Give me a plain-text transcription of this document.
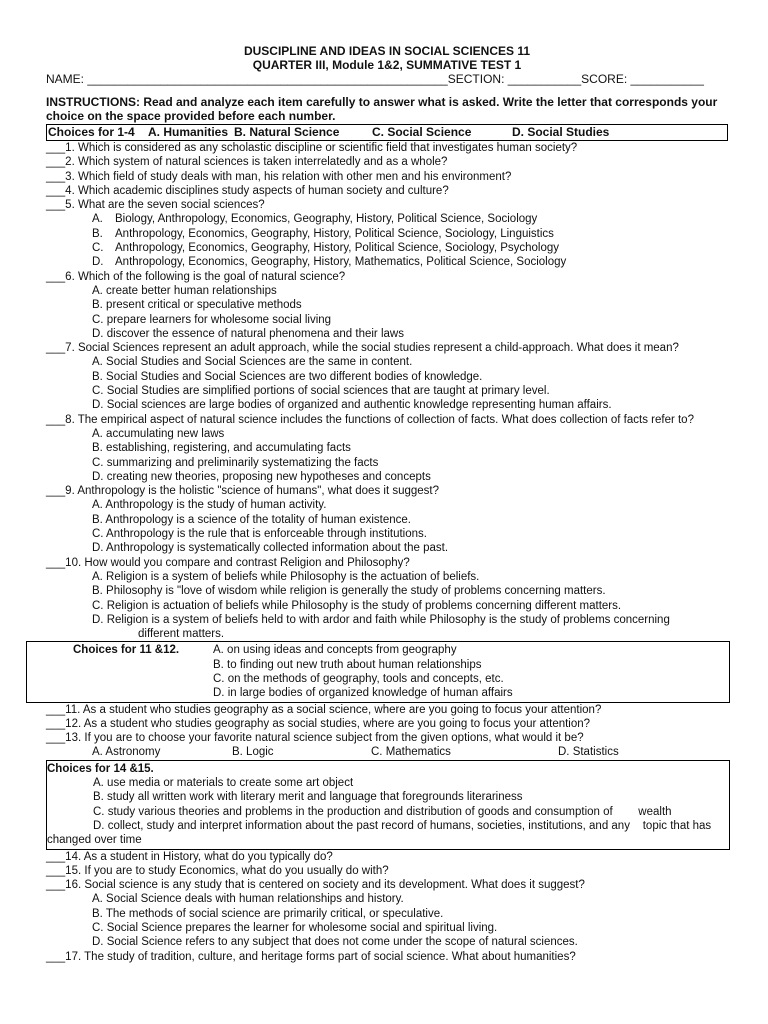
DUSCIPLINE AND IDEAS IN SOCIAL SCIENCES 11
QUARTER III, Module 1&2, SUMMATIVE TEST 1
NAME: ______________________________________________________SECTION: ___________SCORE: ___________
INSTRUCTIONS: Read and analyze each item carefully to answer what is asked. Write the letter that corresponds your choice on the space provided before each number.
Choices for 1-4	A. Humanities B. Natural Science	C. Social Science	D. Social Studies
___1. Which is considered as any scholastic discipline or scientific field that investigates human society?
___2. Which system of natural sciences is taken interrelatedly and as a whole?
___3. Which field of study deals with man, his relation with other men and his environment?
___4. Which academic disciplines study aspects of human society and culture?
___5. What are the seven social sciences?
A. Biology, Anthropology, Economics, Geography, History, Political Science, Sociology
B. Anthropology, Economics, Geography, History, Political Science, Sociology, Linguistics
C. Anthropology, Economics, Geography, History, Political Science, Sociology, Psychology
D. Anthropology, Economics, Geography, History, Mathematics, Political Science, Sociology
___6. Which of the following is the goal of natural science?
A. create better human relationships
B. present critical or speculative methods
C. prepare learners for wholesome social living
D. discover the essence of natural phenomena and their laws
___7. Social Sciences represent an adult approach, while the social studies represent a child-approach. What does it mean?
A. Social Studies and Social Sciences are the same in content.
B. Social Studies and Social Sciences are two different bodies of knowledge.
C. Social Studies are simplified portions of social sciences that are taught at primary level.
D. Social sciences are large bodies of organized and authentic knowledge representing human affairs.
___8. The empirical aspect of natural science includes the functions of collection of facts. What does collection of facts refer to?
A. accumulating new laws
B. establishing, registering, and accumulating facts
C. summarizing and preliminarily systematizing the facts
D. creating new theories, proposing new hypotheses and concepts
___9. Anthropology is the holistic "science of humans", what does it suggest?
A. Anthropology is the study of human activity.
B. Anthropology is a science of the totality of human existence.
C. Anthropology is the rule that is enforceable through institutions.
D. Anthropology is systematically collected information about the past.
___10. How would you compare and contrast Religion and Philosophy?
A. Religion is a system of beliefs while Philosophy is the actuation of beliefs.
B. Philosophy is "love of wisdom while religion is generally the study of problems concerning matters.
C. Religion is actuation of beliefs while Philosophy is the study of problems concerning different matters.
D. Religion is a system of beliefs held to with ardor and faith while Philosophy is the study of problems concerning
different matters.
Choices for 11 &12.	A. on using ideas and concepts from geography
B. to finding out new truth about human relationships
C. on the methods of geography, tools and concepts, etc.
D. in large bodies of organized knowledge of human affairs
___11. As a student who studies geography as a social science, where are you going to focus your attention?
___12. As a student who studies geography as social studies, where are you going to focus your attention?
___13. If you are to choose your favorite natural science subject from the given options, what would it be?
A. Astronomy	B. Logic	C. Mathematics	D. Statistics
Choices for 14 &15.
A. use media or materials to create some art object
B. study all written work with literary merit and language that foregrounds literariness
C. study various theories and problems in the production and distribution of goods and consumption of        wealth
D. collect, study and interpret information about the past record of humans, societies, institutions, and any    topic that has
changed over time
___14. As a student in History, what do you typically do?
___15. If you are to study Economics, what do you usually do with?
___16. Social science is any study that is centered on society and its development. What does it suggest?
A. Social Science deals with human relationships and history.
B. The methods of social science are primarily critical, or speculative.
C. Social Science prepares the learner for wholesome social and spiritual living.
D. Social Science refers to any subject that does not come under the scope of natural sciences.
___17. The study of tradition, culture, and heritage forms part of social science. What about humanities?
